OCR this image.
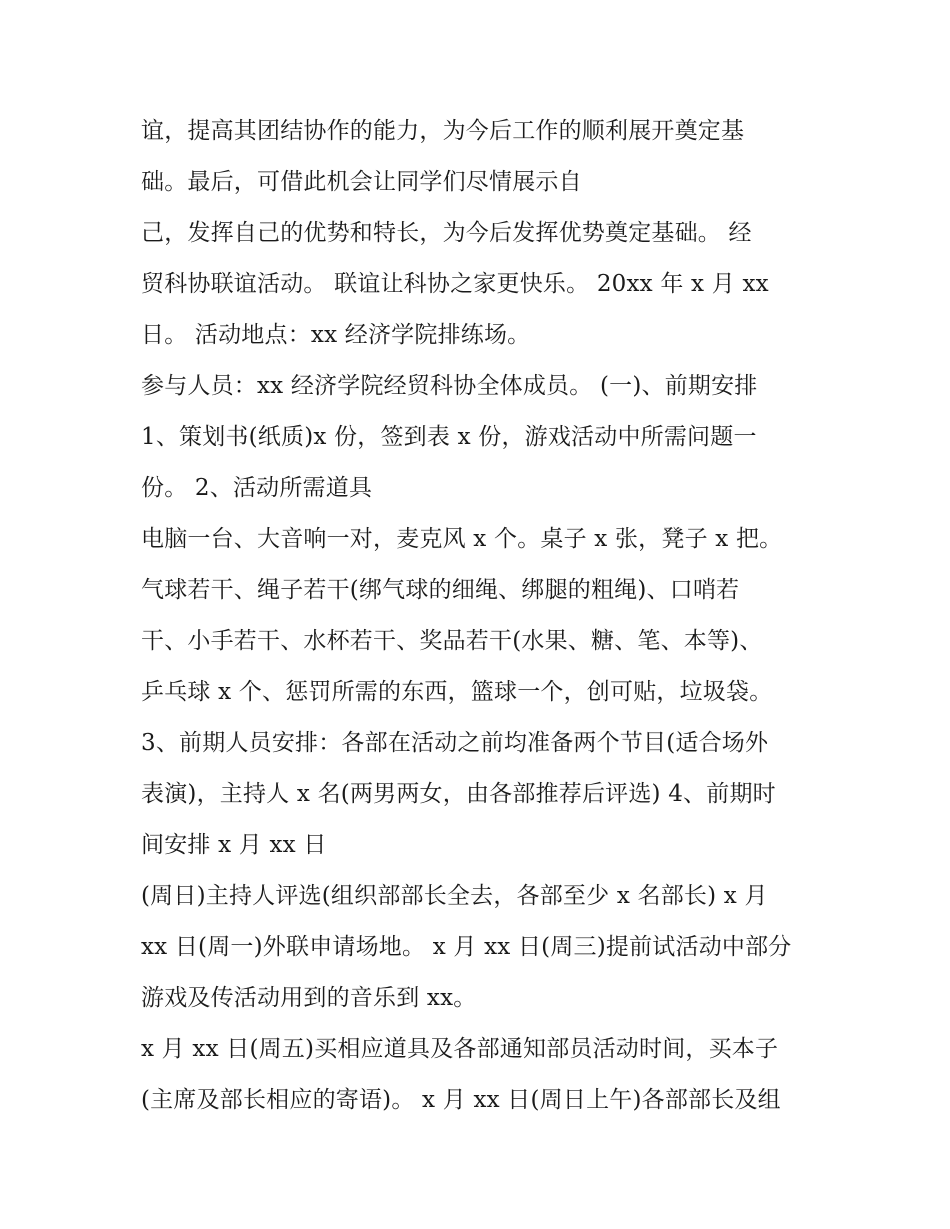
谊，提高其团结协作的能力，为今后工作的顺利展开奠定基
础。最后，可借此机会让同学们尽情展示自
己，发挥自己的优势和特长，为今后发挥优势奠定基础。 经
贸科协联谊活动。 联谊让科协之家更快乐。 20xx 年 x 月 xx
日。 活动地点：xx 经济学院排练场。
参与人员：xx 经济学院经贸科协全体成员。 (一)、前期安排
1、策划书(纸质)x 份，签到表 x 份，游戏活动中所需问题一
份。 2、活动所需道具
电脑一台、大音响一对，麦克风 x 个。桌子 x 张，凳子 x 把。
气球若干、绳子若干(绑气球的细绳、绑腿的粗绳)、口哨若
干、小手若干、水杯若干、奖品若干(水果、糖、笔、本等)、
乒乓球 x 个、惩罚所需的东西，篮球一个，创可贴，垃圾袋。
3、前期人员安排：各部在活动之前均准备两个节目(适合场外
表演)，主持人 x 名(两男两女，由各部推荐后评选) 4、前期时
间安排 x 月 xx 日
(周日)主持人评选(组织部部长全去，各部至少 x 名部长) x 月
xx 日(周一)外联申请场地。 x 月 xx 日(周三)提前试活动中部分
游戏及传活动用到的音乐到 xx。
x 月 xx 日(周五)买相应道具及各部通知部员活动时间，买本子
(主席及部长相应的寄语)。 x 月 xx 日(周日上午)各部部长及组
